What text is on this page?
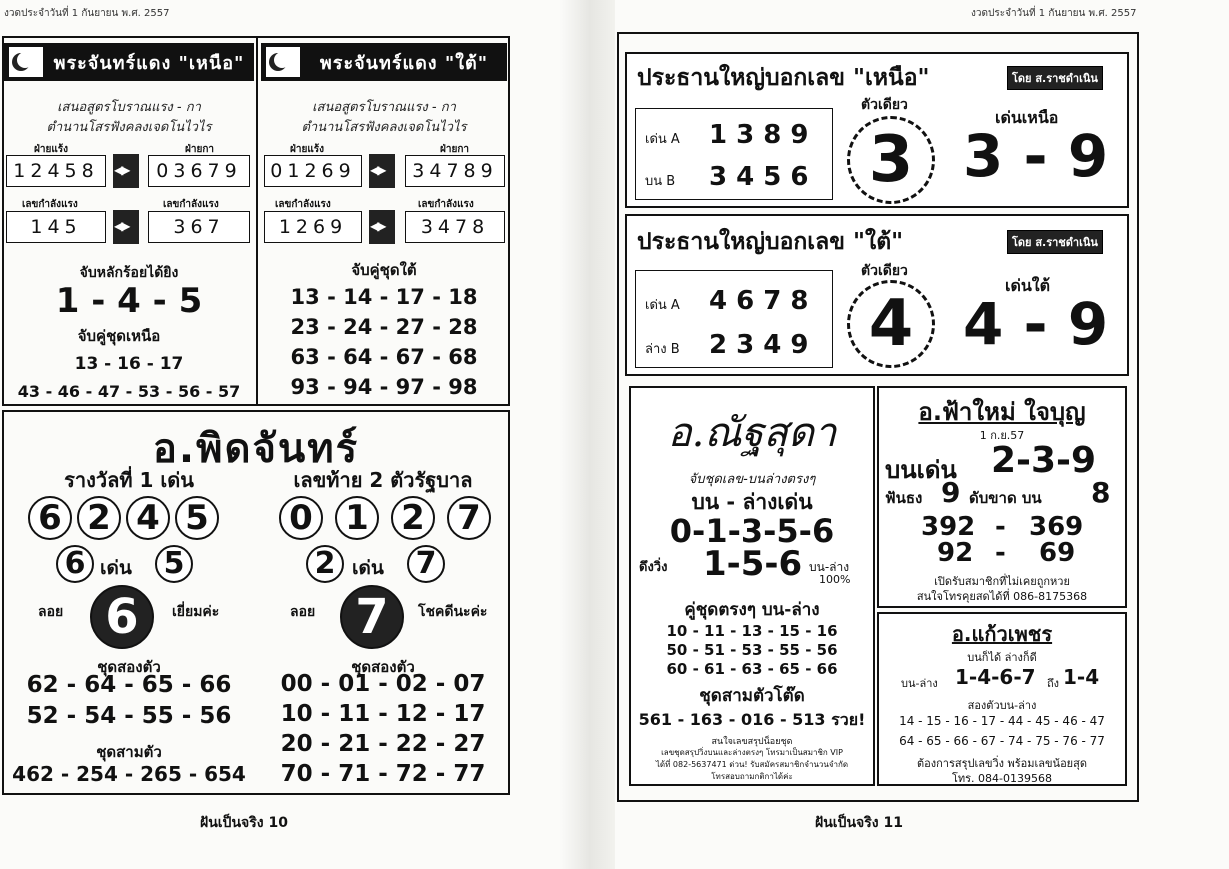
งวดประจำวันที่ 1 กันยายน พ.ศ. 2557
พระจันทร์แดง "เหนือ"
เสนอสูตรโบราณแรง - กา
ตำนานโสรฟังคลงเจดโนไวไร
ฝ่ายแร้ง	ฝ่ายกา
12458 ◀▶	03679
เลขกำลังแรง	เลขกำลังแรง
145 ◀▶	367
จับหลักร้อยได้ยิง
1 - 4 - 5
จับคู่ชุดเหนือ
13 - 16 - 17
43 - 46 - 47 - 53 - 56 - 57
พระจันทร์แดง "ใต้"
เสนอสูตรโบราณแรง - กา
ตำนานโสรฟังคลงเจดโนไวไร
ฝ่ายแร้ง	ฝ่ายกา
01269 ◀▶	34789
เลขกำลังแรง	เลขกำลังแรง
1269 ◀▶	3478
จับคู่ชุดใต้
13 - 14 - 17 - 18
23 - 24 - 27 - 28
63 - 64 - 67 - 68
93 - 94 - 97 - 98
อ.พิดจันทร์
รางวัลที่ 1 เด่น	เลขท้าย 2 ตัวรัฐบาล
6 2 4 5 0 1 2 7
6 เด่น 5	2 เด่น 7
ลอย 6	เยี่ยมค่ะ	ลอย 7	โชคดีนะค่ะ
ชุดสองตัว
62 - 64 - 65 - 66
52 - 54 - 55 - 56
ชุดสามตัว
462 - 254 - 265 - 654
ชุดสองตัว
00 - 01 - 02 - 07
10 - 11 - 12 - 17
20 - 21 - 22 - 27
70 - 71 - 72 - 77
ฝันเป็นจริง 10
งวดประจำวันที่ 1 กันยายน พ.ศ. 2557
ประธานใหญ่บอกเลข "เหนือ"	โดย ส.ราชดำเนิน
เด่น A 1 3 8 9
บน B 3 4 5 6
ตัวเดียว
3
เด่นเหนือ
3 - 9
ประธานใหญ่บอกเลข "ใต้"	โดย ส.ราชดำเนิน
เด่น A 4 6 7 8
ล่าง B 2 3 4 9
ตัวเดียว
4
เด่นใต้
4 - 9
อ.ณัฐสุดา
จับชุดเลข-บนล่างตรงๆ
บน - ล่างเด่น
0-1-3-5-6
ดึงวิ่ง 1-5-6 บน-ล่าง
100%
คู่ชุดตรงๆ บน-ล่าง
10 - 11 - 13 - 15 - 16
50 - 51 - 53 - 55 - 56
60 - 61 - 63 - 65 - 66
ชุดสามตัวโต๊ด
561 - 163 - 016 - 513 รวย!
สนใจเลขสรุปน็อยชุด
เลขชุดสรุปวิ่งบนและล่างตรงๆ โทรมาเป็นสมาชิก VIP
ได้ที่ 082-5637471 ด่วน! รับสมัครสมาชิกจำนวนจำกัด
โทรสอบถามกติกาได้ค่ะ
อ.ฟ้าใหม่ ใจบุญ
1 ก.ย.57
บนเด่น 2-3-9
ฟันธง 9 ดับขาด บน 8
392 - 369
92 - 69
เปิดรับสมาชิกที่ไม่เคยถูกหวย
สนใจโทรคุยสดได้ที่ 086-8175368
อ.แก้วเพชร
บนก็ได้ ล่างก็ดี
บน-ล่าง 1-4-6-7 ถึง 1-4
สองตัวบน-ล่าง
14 - 15 - 16 - 17 - 44 - 45 - 46 - 47
64 - 65 - 66 - 67 - 74 - 75 - 76 - 77
ต้องการสรุปเลขวิ่ง พร้อมเลขน้อยสุด
โทร. 084-0139568
ฝันเป็นจริง 11
